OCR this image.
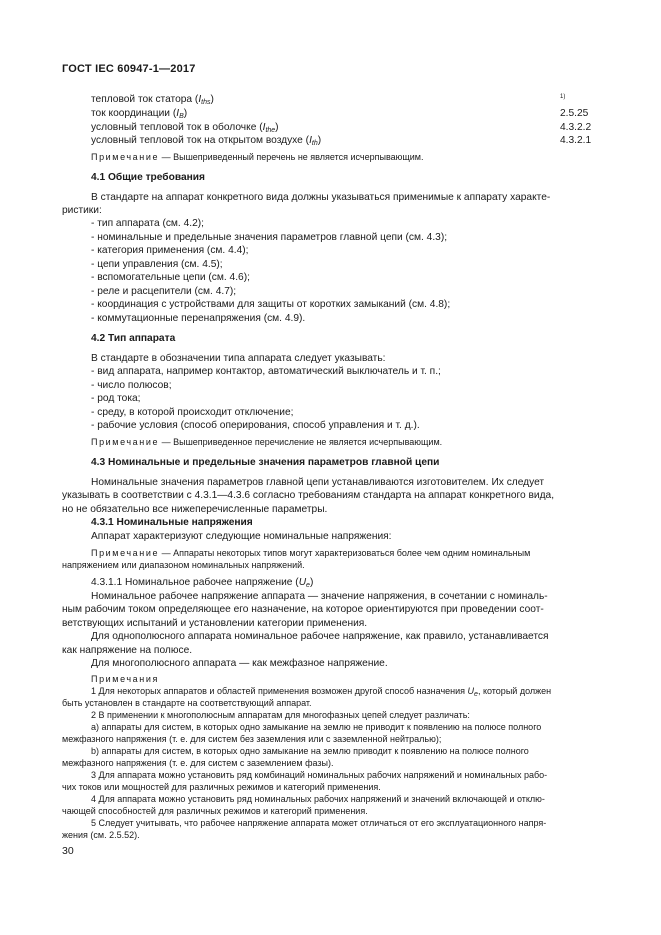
ГОСТ IEC 60947-1—2017
тепловой ток статора $(I_{ths})$	$^{1)}$
ток координации $(I_B)$	2.5.25
условный тепловой ток в оболочке $(I_{the})$	4.3.2.2
условный тепловой ток на открытом воздухе $(I_{th})$	4.3.2.1
Примечание — Вышеприведенный перечень не является исчерпывающим.
4.1 Общие требования
В стандарте на аппарат конкретного вида должны указываться применимые к аппарату характе-
ристики:
- тип аппарата (см. 4.2);
- номинальные и предельные значения параметров главной цепи (см. 4.3);
- категория применения (см. 4.4);
- цепи управления (см. 4.5);
- вспомогательные цепи (см. 4.6);
- реле и расцепители (см. 4.7);
- координация с устройствами для защиты от коротких замыканий (см. 4.8);
- коммутационные перенапряжения (см. 4.9).
4.2 Тип аппарата
В стандарте в обозначении типа аппарата следует указывать:
- вид аппарата, например контактор, автоматический выключатель и т. п.;
- число полюсов;
- род тока;
- среду, в которой происходит отключение;
- рабочие условия (способ оперирования, способ управления и т. д.).
Примечание — Вышеприведенное перечисление не является исчерпывающим.
4.3 Номинальные и предельные значения параметров главной цепи
Номинальные значения параметров главной цепи устанавливаются изготовителем. Их следует
указывать в соответствии с 4.3.1—4.3.6 согласно требованиям стандарта на аппарат конкретного вида,
но не обязательно все нижеперечисленные параметры.
4.3.1 Номинальные напряжения
Аппарат характеризуют следующие номинальные напряжения:
Примечание — Аппараты некоторых типов могут характеризоваться более чем одним номинальным
напряжением или диапазоном номинальных напряжений.
4.3.1.1 Номинальное рабочее напряжение $(U_e)$
Номинальное рабочее напряжение аппарата — значение напряжения, в сочетании с номиналь-
ным рабочим током определяющее его назначение, на которое ориентируются при проведении соот-
ветствующих испытаний и установлении категории применения.
Для однополюсного аппарата номинальное рабочее напряжение, как правило, устанавливается
как напряжение на полюсе.
Для многополюсного аппарата — как межфазное напряжение.
Примечания
1 Для некоторых аппаратов и областей применения возможен другой способ назначения $U_e$, который должен
быть установлен в стандарте на соответствующий аппарат.
2 В применении к многополюсным аппаратам для многофазных цепей следует различать:
a) аппараты для систем, в которых одно замыкание на землю не приводит к появлению на полюсе полного
межфазного напряжения (т. е. для систем без заземления или с заземленной нейтралью);
b) аппараты для систем, в которых одно замыкание на землю приводит к появлению на полюсе полного
межфазного напряжения (т. е. для систем с заземлением фазы).
3 Для аппарата можно установить ряд комбинаций номинальных рабочих напряжений и номинальных рабо-
чих токов или мощностей для различных режимов и категорий применения.
4 Для аппарата можно установить ряд номинальных рабочих напряжений и значений включающей и отклю-
чающей способностей для различных режимов и категорий применения.
5 Следует учитывать, что рабочее напряжение аппарата может отличаться от его эксплуатационного напря-
жения (см. 2.5.52).
30
